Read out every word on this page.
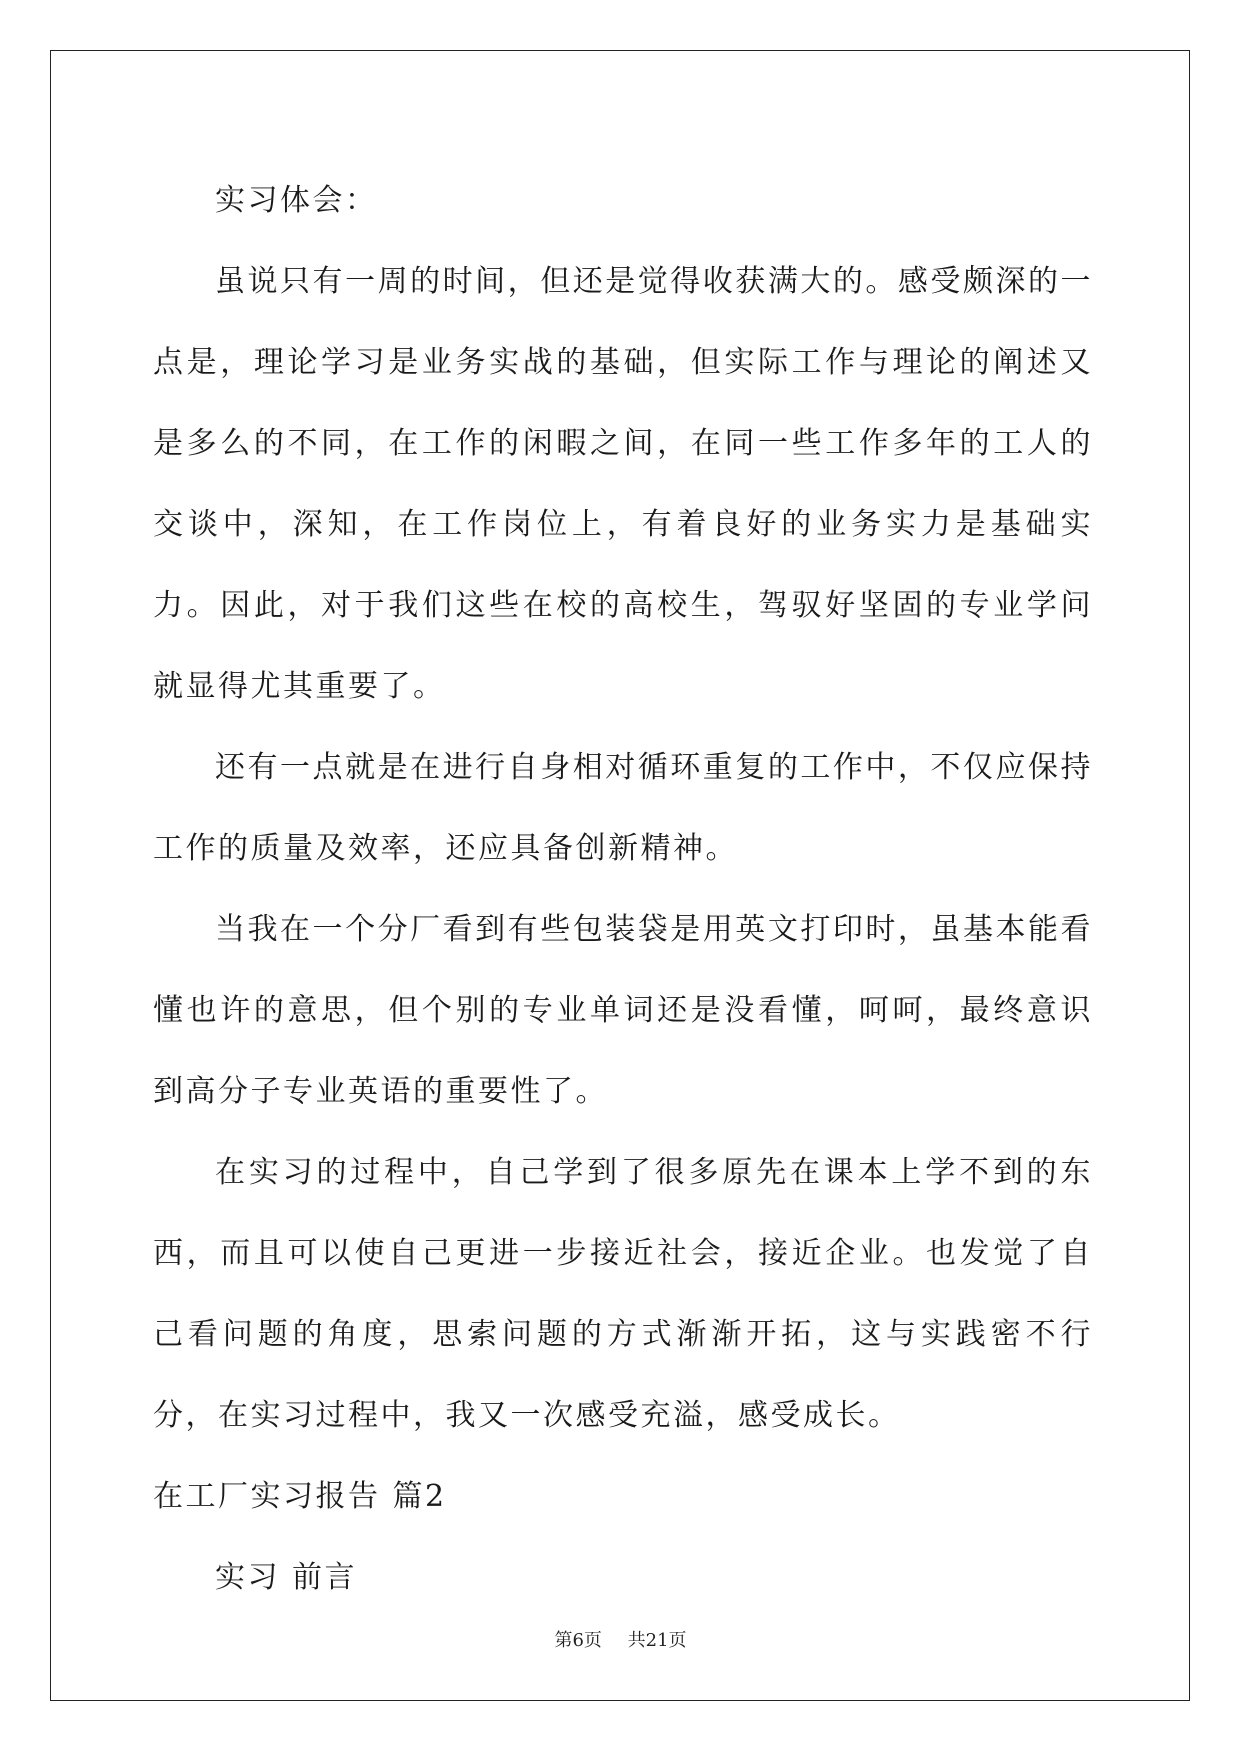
实习体会：

虽说只有一周的时间，但还是觉得收获满大的。感受颇深的一点是，理论学习是业务实战的基础，但实际工作与理论的阐述又是多么的不同，在工作的闲暇之间，在同一些工作多年的工人的交谈中，深知，在工作岗位上，有着良好的业务实力是基础实力。因此，对于我们这些在校的高校生，驾驭好坚固的专业学问就显得尤其重要了。

还有一点就是在进行自身相对循环重复的工作中，不仅应保持工作的质量及效率，还应具备创新精神。

当我在一个分厂看到有些包装袋是用英文打印时，虽基本能看懂也许的意思，但个别的专业单词还是没看懂，呵呵，最终意识到高分子专业英语的重要性了。

在实习的过程中，自己学到了很多原先在课本上学不到的东西，而且可以使自己更进一步接近社会，接近企业。也发觉了自己看问题的角度，思索问题的方式渐渐开拓，这与实践密不行分，在实习过程中，我又一次感受充溢，感受成长。

在工厂实习报告 篇2

实习 前言

第6页 共21页
